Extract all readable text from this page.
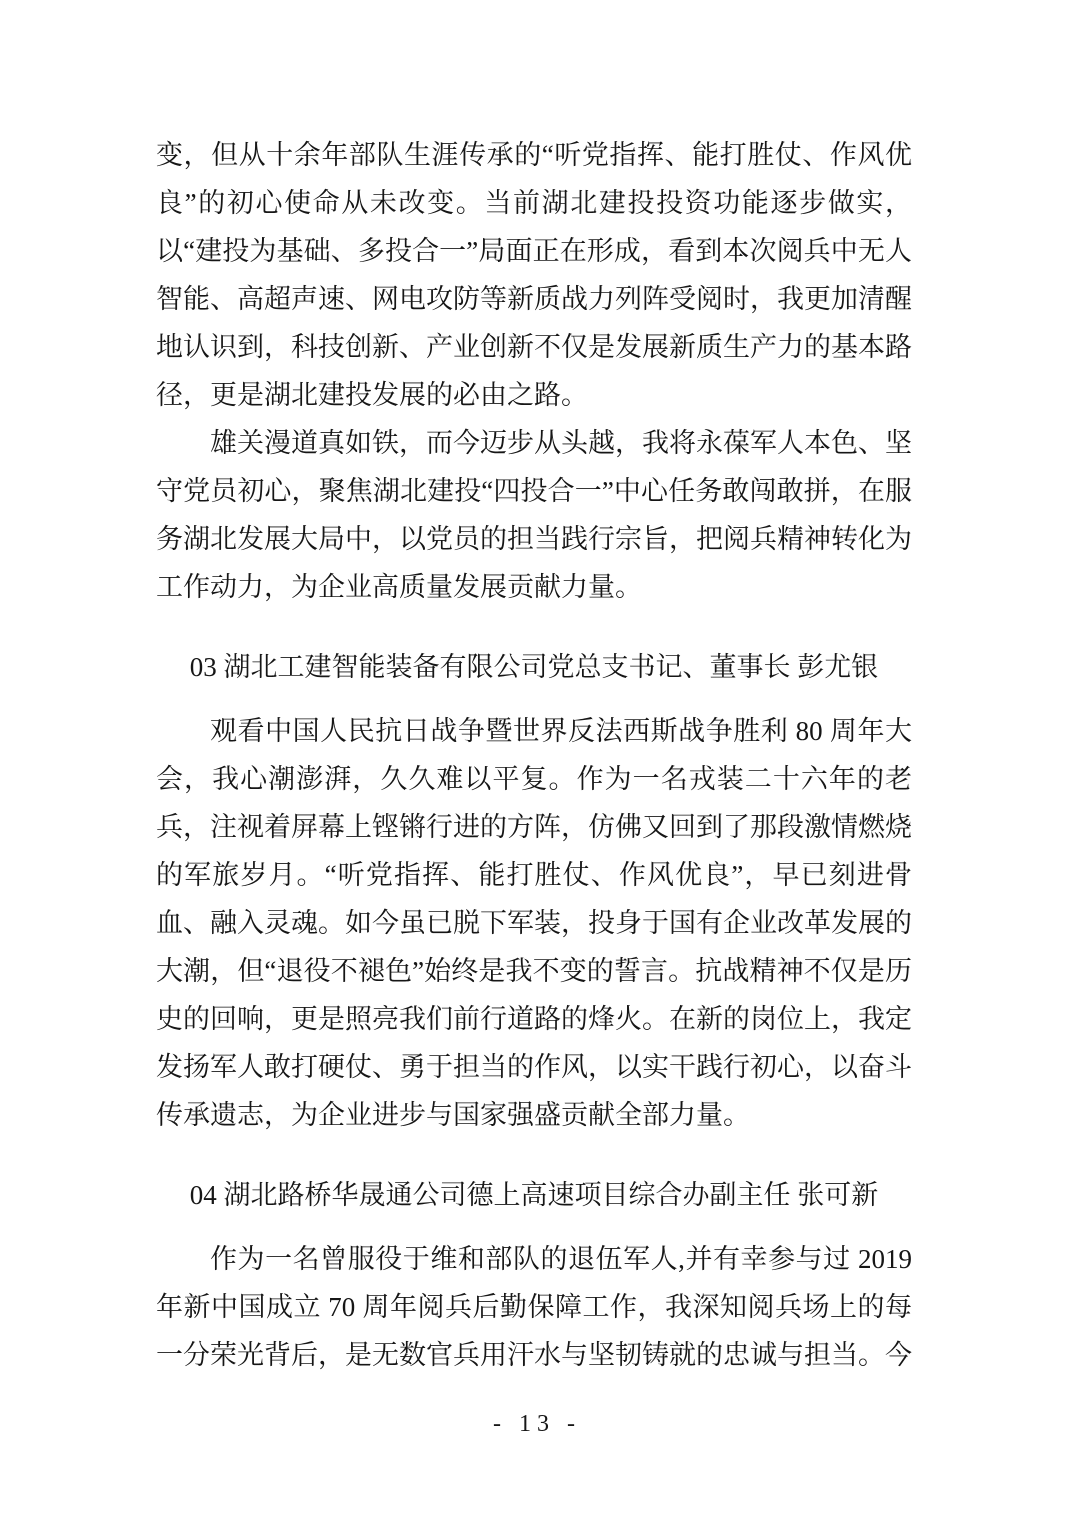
变，但从十余年部队生涯传承的“听党指挥、能打胜仗、作风优良”的初心使命从未改变。当前湖北建投投资功能逐步做实，以“建投为基础、多投合一”局面正在形成，看到本次阅兵中无人智能、高超声速、网电攻防等新质战力列阵受阅时，我更加清醒地认识到，科技创新、产业创新不仅是发展新质生产力的基本路径，更是湖北建投发展的必由之路。

雄关漫道真如铁，而今迈步从头越，我将永葆军人本色、坚守党员初心，聚焦湖北建投“四投合一”中心任务敢闯敢拼，在服务湖北发展大局中，以党员的担当践行宗旨，把阅兵精神转化为工作动力，为企业高质量发展贡献力量。

03 湖北工建智能装备有限公司党总支书记、董事长 彭尤银

观看中国人民抗日战争暨世界反法西斯战争胜利 80 周年大会，我心潮澎湃，久久难以平复。作为一名戎装二十六年的老兵，注视着屏幕上铿锵行进的方阵，仿佛又回到了那段激情燃烧的军旅岁月。“听党指挥、能打胜仗、作风优良”，早已刻进骨血、融入灵魂。如今虽已脱下军装，投身于国有企业改革发展的大潮，但“退役不褪色”始终是我不变的誓言。抗战精神不仅是历史的回响，更是照亮我们前行道路的烽火。在新的岗位上，我定发扬军人敢打硬仗、勇于担当的作风，以实干践行初心，以奋斗传承遗志，为企业进步与国家强盛贡献全部力量。

04 湖北路桥华晟通公司德上高速项目综合办副主任 张可新

作为一名曾服役于维和部队的退伍军人,并有幸参与过 2019 年新中国成立 70 周年阅兵后勤保障工作，我深知阅兵场上的每一分荣光背后，是无数官兵用汗水与坚韧铸就的忠诚与担当。今

- 13 -
